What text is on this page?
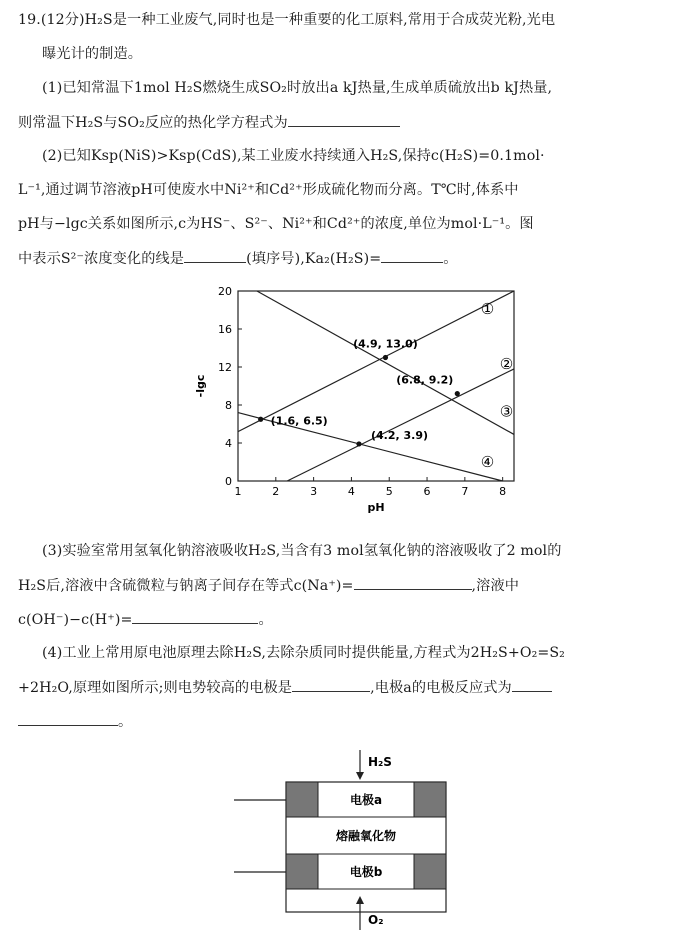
19.(12分)H₂S是一种工业废气,同时也是一种重要的化工原料,常用于合成荧光粉,光电
曝光计的制造。
(1)已知常温下1mol H₂S燃烧生成SO₂时放出a kJ热量,生成单质硫放出b kJ热量,
则常温下H₂S与SO₂反应的热化学方程式为
(2)已知Ksp(NiS)>Ksp(CdS),某工业废水持续通入H₂S,保持c(H₂S)=0.1mol·
L⁻¹,通过调节溶液pH可使废水中Ni²⁺和Cd²⁺形成硫化物而分离。T℃时,体系中
pH与−lgc关系如图所示,c为HS⁻、S²⁻、Ni²⁺和Cd²⁺的浓度,单位为mol·L⁻¹。图
中表示S²⁻浓度变化的线是	(填序号),Ka₂(H₂S)=	。
1	2	3	4	5	6	7	8
0
4
8
12
16
20
pH
-lgc
①
②
③
④
(4.9, 13.0)
(6.8, 9.2)
(1.6, 6.5)
(4.2, 3.9)
(3)实验室常用氢氧化钠溶液吸收H₂S,当含有3 mol氢氧化钠的溶液吸收了2 mol的
H₂S后,溶液中含硫微粒与钠离子间存在等式c(Na⁺)=	,溶液中
c(OH⁻)−c(H⁺)=	。
(4)工业上常用原电池原理去除H₂S,去除杂质同时提供能量,方程式为2H₂S+O₂=S₂
+2H₂O,原理如图所示;则电势较高的电极是	,电极a的电极反应式为
。
H₂S
电极a
熔融氧化物
电极b
O₂
